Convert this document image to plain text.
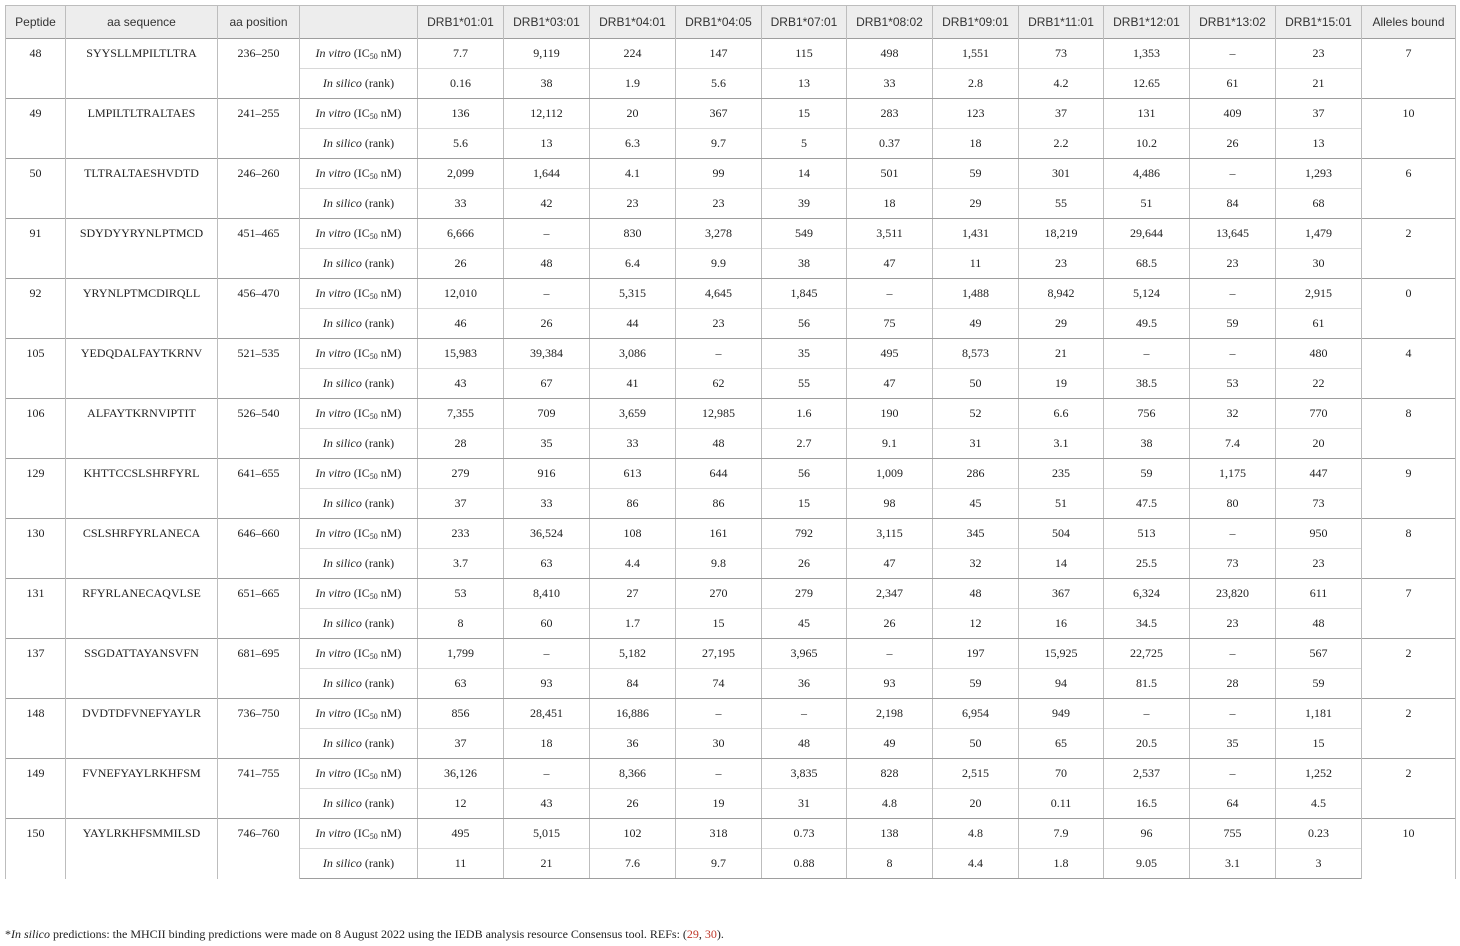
Peptide	aa sequence	aa position		DRB1*01:01	DRB1*03:01	DRB1*04:01	DRB1*04:05	DRB1*07:01	DRB1*08:02	DRB1*09:01	DRB1*11:01	DRB1*12:01	DRB1*13:02	DRB1*15:01	Alleles bound
48	SYYSLLMPILTLTRA	236–250	In vitro ($IC_{50}$ nM)	7.7	9,119	224	147	115	498	1,551	73	1,353	–	23	7
			In silico (rank)	0.16	38	1.9	5.6	13	33	2.8	4.2	12.65	61	21	
49	LMPILTLTRALTAES	241–255	In vitro ($IC_{50}$ nM)	136	12,112	20	367	15	283	123	37	131	409	37	10
			In silico (rank)	5.6	13	6.3	9.7	5	0.37	18	2.2	10.2	26	13	
50	TLTRALTAESHVDTD	246–260	In vitro ($IC_{50}$ nM)	2,099	1,644	4.1	99	14	501	59	301	4,486	–	1,293	6
			In silico (rank)	33	42	23	23	39	18	29	55	51	84	68	
91	SDYDYYRYNLPTMCD	451–465	In vitro ($IC_{50}$ nM)	6,666	–	830	3,278	549	3,511	1,431	18,219	29,644	13,645	1,479	2
			In silico (rank)	26	48	6.4	9.9	38	47	11	23	68.5	23	30	
92	YRYNLPTMCDIRQLL	456–470	In vitro ($IC_{50}$ nM)	12,010	–	5,315	4,645	1,845	–	1,488	8,942	5,124	–	2,915	0
			In silico (rank)	46	26	44	23	56	75	49	29	49.5	59	61	
105	YEDQDALFAYTKRNV	521–535	In vitro ($IC_{50}$ nM)	15,983	39,384	3,086	–	35	495	8,573	21	–	–	480	4
			In silico (rank)	43	67	41	62	55	47	50	19	38.5	53	22	
106	ALFAYTKRNVIPTIT	526–540	In vitro ($IC_{50}$ nM)	7,355	709	3,659	12,985	1.6	190	52	6.6	756	32	770	8
			In silico (rank)	28	35	33	48	2.7	9.1	31	3.1	38	7.4	20	
129	KHTTCCSLSHRFYRL	641–655	In vitro ($IC_{50}$ nM)	279	916	613	644	56	1,009	286	235	59	1,175	447	9
			In silico (rank)	37	33	86	86	15	98	45	51	47.5	80	73	
130	CSLSHRFYRLANECA	646–660	In vitro ($IC_{50}$ nM)	233	36,524	108	161	792	3,115	345	504	513	–	950	8
			In silico (rank)	3.7	63	4.4	9.8	26	47	32	14	25.5	73	23	
131	RFYRLANECAQVLSE	651–665	In vitro ($IC_{50}$ nM)	53	8,410	27	270	279	2,347	48	367	6,324	23,820	611	7
			In silico (rank)	8	60	1.7	15	45	26	12	16	34.5	23	48	
137	SSGDATTAYANSVFN	681–695	In vitro ($IC_{50}$ nM)	1,799	–	5,182	27,195	3,965	–	197	15,925	22,725	–	567	2
			In silico (rank)	63	93	84	74	36	93	59	94	81.5	28	59	
148	DVDTDFVNEFYAYLR	736–750	In vitro ($IC_{50}$ nM)	856	28,451	16,886	–	–	2,198	6,954	949	–	–	1,181	2
			In silico (rank)	37	18	36	30	48	49	50	65	20.5	35	15	
149	FVNEFYAYLRKHFSM	741–755	In vitro ($IC_{50}$ nM)	36,126	–	8,366	–	3,835	828	2,515	70	2,537	–	1,252	2
			In silico (rank)	12	43	26	19	31	4.8	20	0.11	16.5	64	4.5	
150	YAYLRKHFSMMILSD	746–760	In vitro ($IC_{50}$ nM)	495	5,015	102	318	0.73	138	4.8	7.9	96	755	0.23	10
			In silico (rank)	11	21	7.6	9.7	0.88	8	4.4	1.8	9.05	3.1	3	
*In silico predictions: the MHCII binding predictions were made on 8 August 2022 using the IEDB analysis resource Consensus tool. REFs: (29, 30).
